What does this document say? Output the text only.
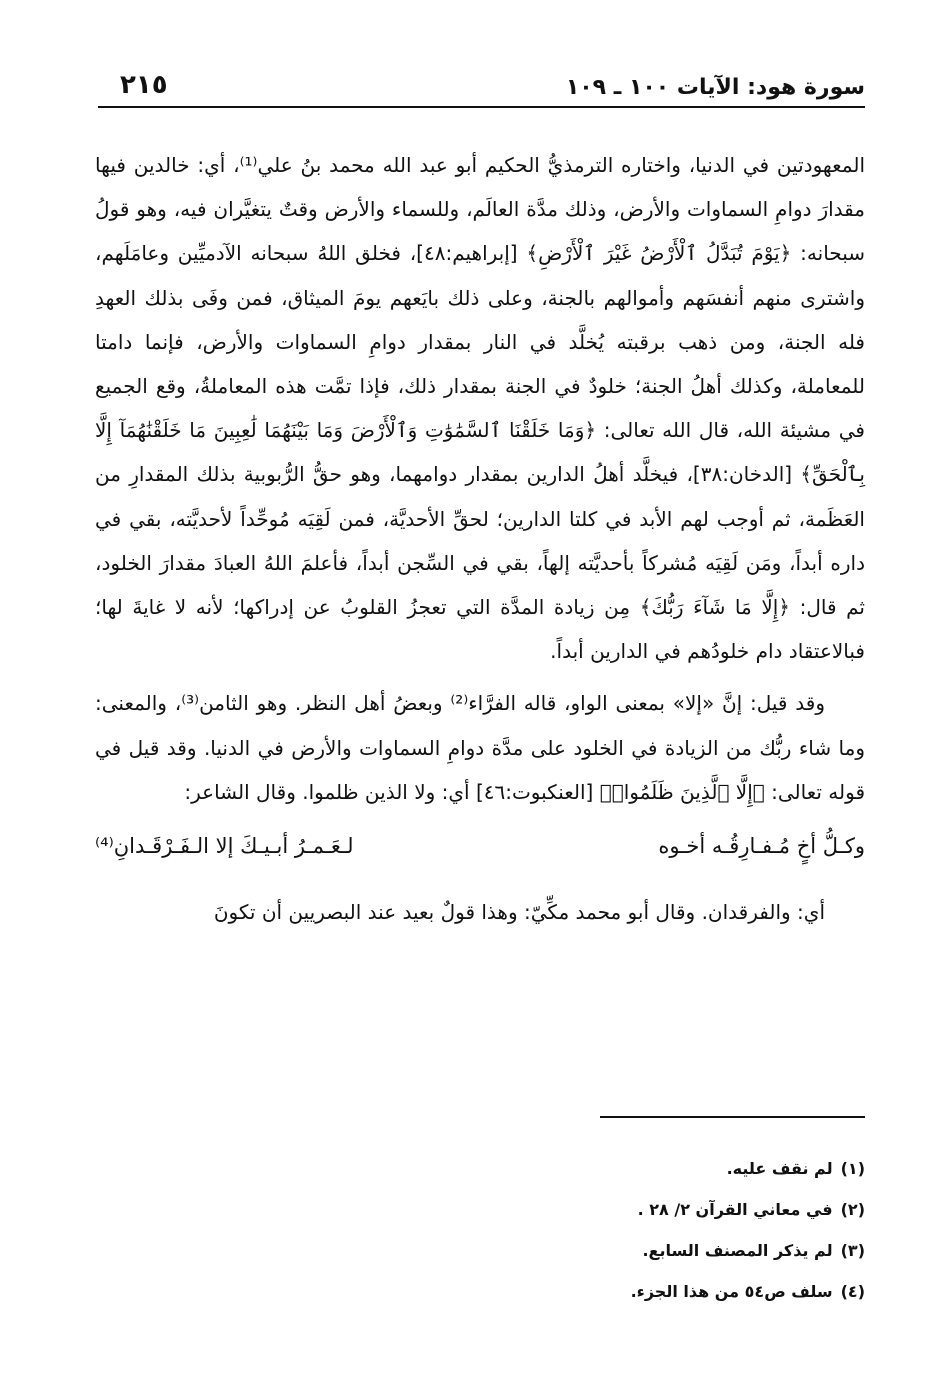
سورة هود: الآيات ١٠٠ ـ ١٠٩
٢١٥

المعهودتين في الدنيا، واختاره الترمذيُّ الحكيم أبو عبد الله محمد بنُ علي⁽¹⁾، أي: خالدين فيها مقدارَ دوامِ السماوات والأرض، وذلك مدَّة العالَم، وللسماء والأرض وقتٌ يتغيَّران فيه، وهو قولُ سبحانه: ﴿يَوْمَ تُبَدَّلُ ٱلْأَرْضُ غَيْرَ ٱلْأَرْضِ﴾ [إبراهيم:٤٨]، فخلق اللهُ سبحانه الآدميِّين وعامَلَهم، واشترى منهم أنفسَهم وأموالهم بالجنة، وعلى ذلك بايَعهم يومَ الميثاق، فمن وفَى بذلك العهدِ فله الجنة، ومن ذهب برقبته يُخلَّد في النار بمقدار دوامِ السماوات والأرض، فإنما دامتا للمعاملة، وكذلك أهلُ الجنة؛ خلودٌ في الجنة بمقدار ذلك، فإذا تمَّت هذه المعاملةُ، وقع الجميع في مشيئة الله، قال الله تعالى: ﴿وَمَا خَلَقْنَا ٱلسَّمَٰوَٰتِ وَٱلْأَرْضَ وَمَا بَيْنَهُمَا لَٰعِبِينَ مَا خَلَقْنَٰهُمَآ إِلَّا بِٱلْحَقِّ﴾ [الدخان:٣٨]، فيخلَّد أهلُ الدارين بمقدار دوامهما، وهو حقُّ الرُّبوبية بذلك المقدارِ من العَظَمة، ثم أوجب لهم الأبد في كلتا الدارين؛ لحقِّ الأحديَّة، فمن لَقِيَه مُوحِّداً لأحديَّته، بقي في داره أبداً، ومَن لَقِيَه مُشركاً بأحديَّته إلهاً، بقي في السِّجن أبداً، فأعلمَ اللهُ العبادَ مقدارَ الخلود، ثم قال: ﴿إِلَّا مَا شَآءَ رَبُّكَ﴾ مِن زيادة المدَّة التي تعجزُ القلوبُ عن إدراكها؛ لأنه لا غايةَ لها؛ فبالاعتقاد دام خلودُهم في الدارين أبداً.

وقد قيل: إنَّ «إلا» بمعنى الواو، قاله الفرَّاء⁽²⁾ وبعضُ أهل النظر. وهو الثامن⁽³⁾، والمعنى: وما شاء ربُّك من الزيادة في الخلود على مدَّة دوامِ السماوات والأرض في الدنيا. وقد قيل في قوله تعالى: ﴿إِلَّا ٱلَّذِينَ ظَلَمُوا۟﴾ [العنكبوت:٤٦] أي: ولا الذين ظلموا. وقال الشاعر:

وكـلُّ أخٍ مُـفـارِقُـه أخـوه
لـعَـمـرُ أبـيـكَ إلا الـفَـرْقَـدانِ⁽⁴⁾

أي: والفرقدان. وقال أبو محمد مكِّيّ: وهذا قولٌ بعيد عند البصريين أن تكونَ

(١)لم نقف عليه.
(٢)في معاني القرآن ٢/ ٢٨ .
(٣)لم يذكر المصنف السابع.
(٤)سلف ص٥٤ من هذا الجزء.
